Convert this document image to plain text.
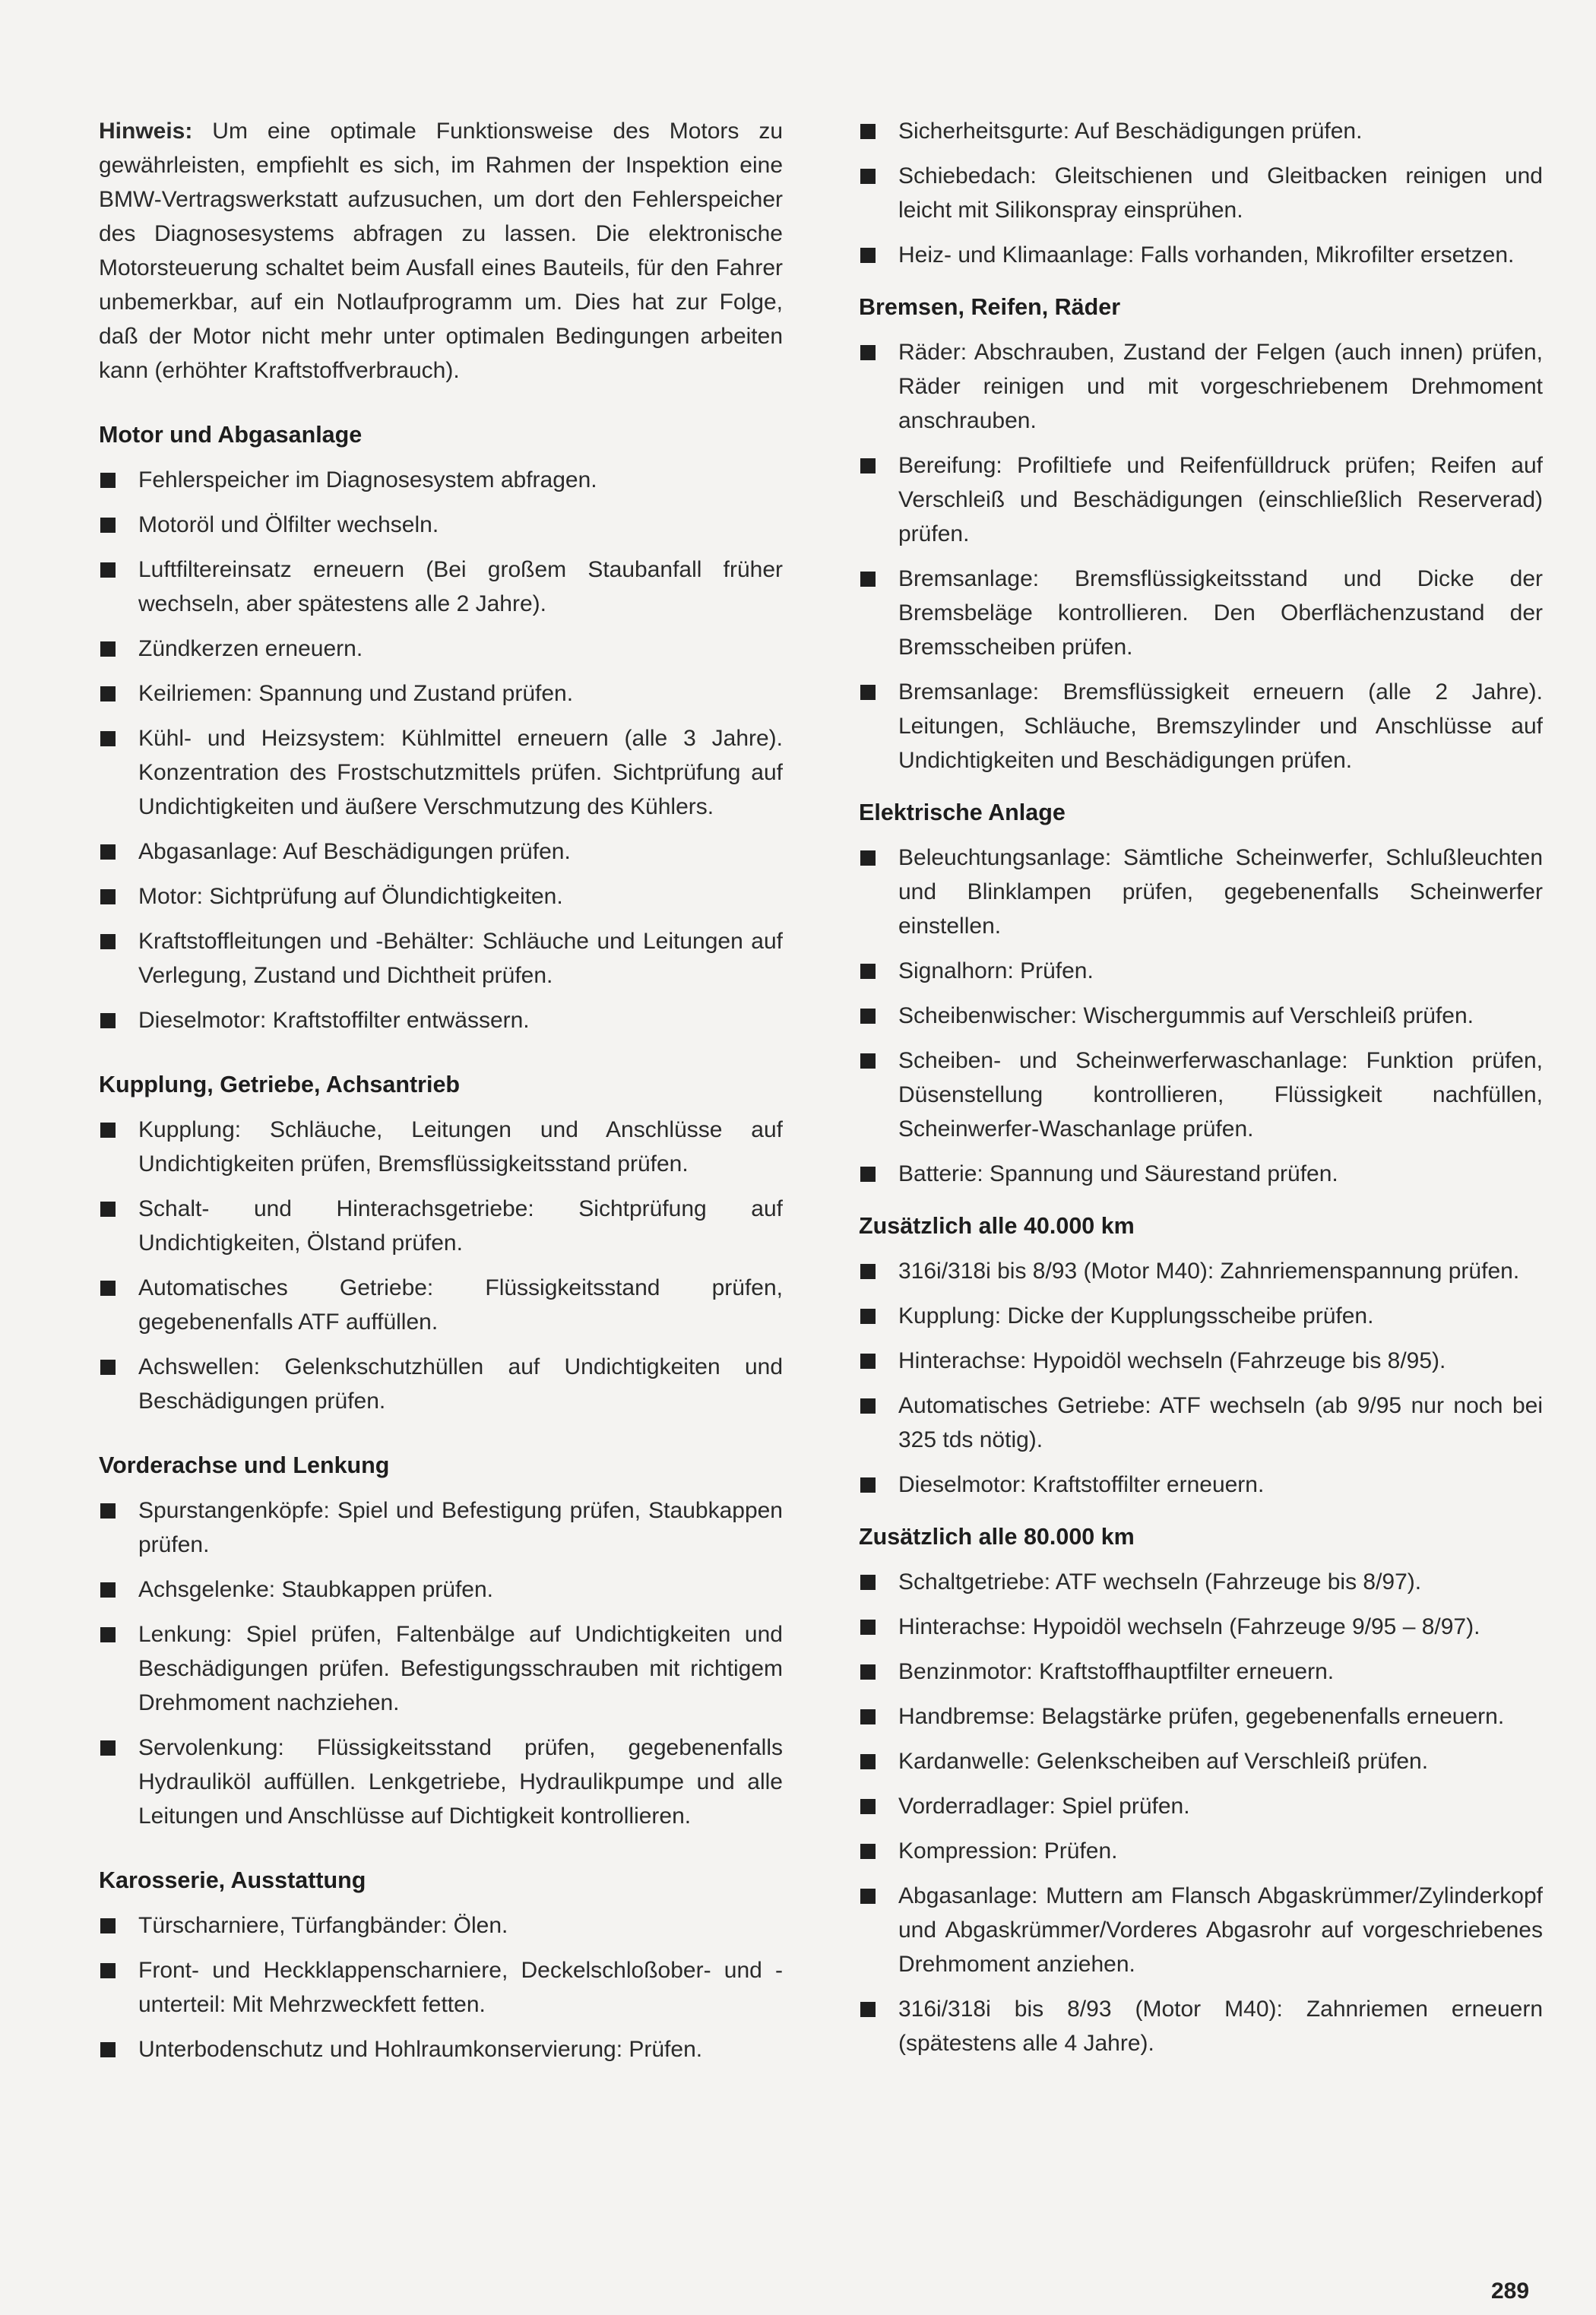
Hinweis: Um eine optimale Funktionsweise des Motors zu gewährleisten, empfiehlt es sich, im Rahmen der Inspektion eine BMW-Vertragswerkstatt aufzusuchen, um dort den Fehlerspeicher des Diagnosesystems abfragen zu lassen. Die elektronische Motorsteuerung schaltet beim Ausfall eines Bauteils, für den Fahrer unbemerkbar, auf ein Notlaufprogramm um. Dies hat zur Folge, daß der Motor nicht mehr unter optimalen Bedingungen arbeiten kann (erhöhter Kraftstoffverbrauch).

Motor und Abgasanlage
Fehlerspeicher im Diagnosesystem abfragen.
Motoröl und Ölfilter wechseln.
Luftfiltereinsatz erneuern (Bei großem Staubanfall früher wechseln, aber spätestens alle 2 Jahre).
Zündkerzen erneuern.
Keilriemen: Spannung und Zustand prüfen.
Kühl- und Heizsystem: Kühlmittel erneuern (alle 3 Jahre). Konzentration des Frostschutzmittels prüfen. Sichtprüfung auf Undichtigkeiten und äußere Verschmutzung des Kühlers.
Abgasanlage: Auf Beschädigungen prüfen.
Motor: Sichtprüfung auf Ölundichtigkeiten.
Kraftstoffleitungen und -Behälter: Schläuche und Leitungen auf Verlegung, Zustand und Dichtheit prüfen.
Dieselmotor: Kraftstoffilter entwässern.
Kupplung, Getriebe, Achsantrieb
Kupplung: Schläuche, Leitungen und Anschlüsse auf Undichtigkeiten prüfen, Bremsflüssigkeitsstand prüfen.
Schalt- und Hinterachsgetriebe: Sichtprüfung auf Undichtigkeiten, Ölstand prüfen.
Automatisches Getriebe: Flüssigkeitsstand prüfen, gegebenenfalls ATF auffüllen.
Achswellen: Gelenkschutzhüllen auf Undichtigkeiten und Beschädigungen prüfen.
Vorderachse und Lenkung
Spurstangenköpfe: Spiel und Befestigung prüfen, Staubkappen prüfen.
Achsgelenke: Staubkappen prüfen.
Lenkung: Spiel prüfen, Faltenbälge auf Undichtigkeiten und Beschädigungen prüfen. Befestigungsschrauben mit richtigem Drehmoment nachziehen.
Servolenkung: Flüssigkeitsstand prüfen, gegebenenfalls Hydrauliköl auffüllen. Lenkgetriebe, Hydraulikpumpe und alle Leitungen und Anschlüsse auf Dichtigkeit kontrollieren.
Karosserie, Ausstattung
Türscharniere, Türfangbänder: Ölen.
Front- und Heckklappenscharniere, Deckelschloßober- und -unterteil: Mit Mehrzweckfett fetten.
Unterbodenschutz und Hohlraumkonservierung: Prüfen.
Sicherheitsgurte: Auf Beschädigungen prüfen.
Schiebedach: Gleitschienen und Gleitbacken reinigen und leicht mit Silikonspray einsprühen.
Heiz- und Klimaanlage: Falls vorhanden, Mikrofilter ersetzen.
Bremsen, Reifen, Räder
Räder: Abschrauben, Zustand der Felgen (auch innen) prüfen, Räder reinigen und mit vorgeschriebenem Drehmoment anschrauben.
Bereifung: Profiltiefe und Reifenfülldruck prüfen; Reifen auf Verschleiß und Beschädigungen (einschließlich Reserverad) prüfen.
Bremsanlage: Bremsflüssigkeitsstand und Dicke der Bremsbeläge kontrollieren. Den Oberflächenzustand der Bremsscheiben prüfen.
Bremsanlage: Bremsflüssigkeit erneuern (alle 2 Jahre). Leitungen, Schläuche, Bremszylinder und Anschlüsse auf Undichtigkeiten und Beschädigungen prüfen.
Elektrische Anlage
Beleuchtungsanlage: Sämtliche Scheinwerfer, Schlußleuchten und Blinklampen prüfen, gegebenenfalls Scheinwerfer einstellen.
Signalhorn: Prüfen.
Scheibenwischer: Wischergummis auf Verschleiß prüfen.
Scheiben- und Scheinwerferwaschanlage: Funktion prüfen, Düsenstellung kontrollieren, Flüssigkeit nachfüllen, Scheinwerfer-Waschanlage prüfen.
Batterie: Spannung und Säurestand prüfen.
Zusätzlich alle 40.000 km
316i/318i bis 8/93 (Motor M40): Zahnriemenspannung prüfen.
Kupplung: Dicke der Kupplungsscheibe prüfen.
Hinterachse: Hypoidöl wechseln (Fahrzeuge bis 8/95).
Automatisches Getriebe: ATF wechseln (ab 9/95 nur noch bei 325 tds nötig).
Dieselmotor: Kraftstoffilter erneuern.
Zusätzlich alle 80.000 km
Schaltgetriebe: ATF wechseln (Fahrzeuge bis 8/97).
Hinterachse: Hypoidöl wechseln (Fahrzeuge 9/95 – 8/97).
Benzinmotor: Kraftstoffhauptfilter erneuern.
Handbremse: Belagstärke prüfen, gegebenenfalls erneuern.
Kardanwelle: Gelenkscheiben auf Verschleiß prüfen.
Vorderradlager: Spiel prüfen.
Kompression: Prüfen.
Abgasanlage: Muttern am Flansch Abgaskrümmer/Zylinderkopf und Abgaskrümmer/Vorderes Abgasrohr auf vorgeschriebenes Drehmoment anziehen.
316i/318i bis 8/93 (Motor M40): Zahnriemen erneuern (spätestens alle 4 Jahre).
289
